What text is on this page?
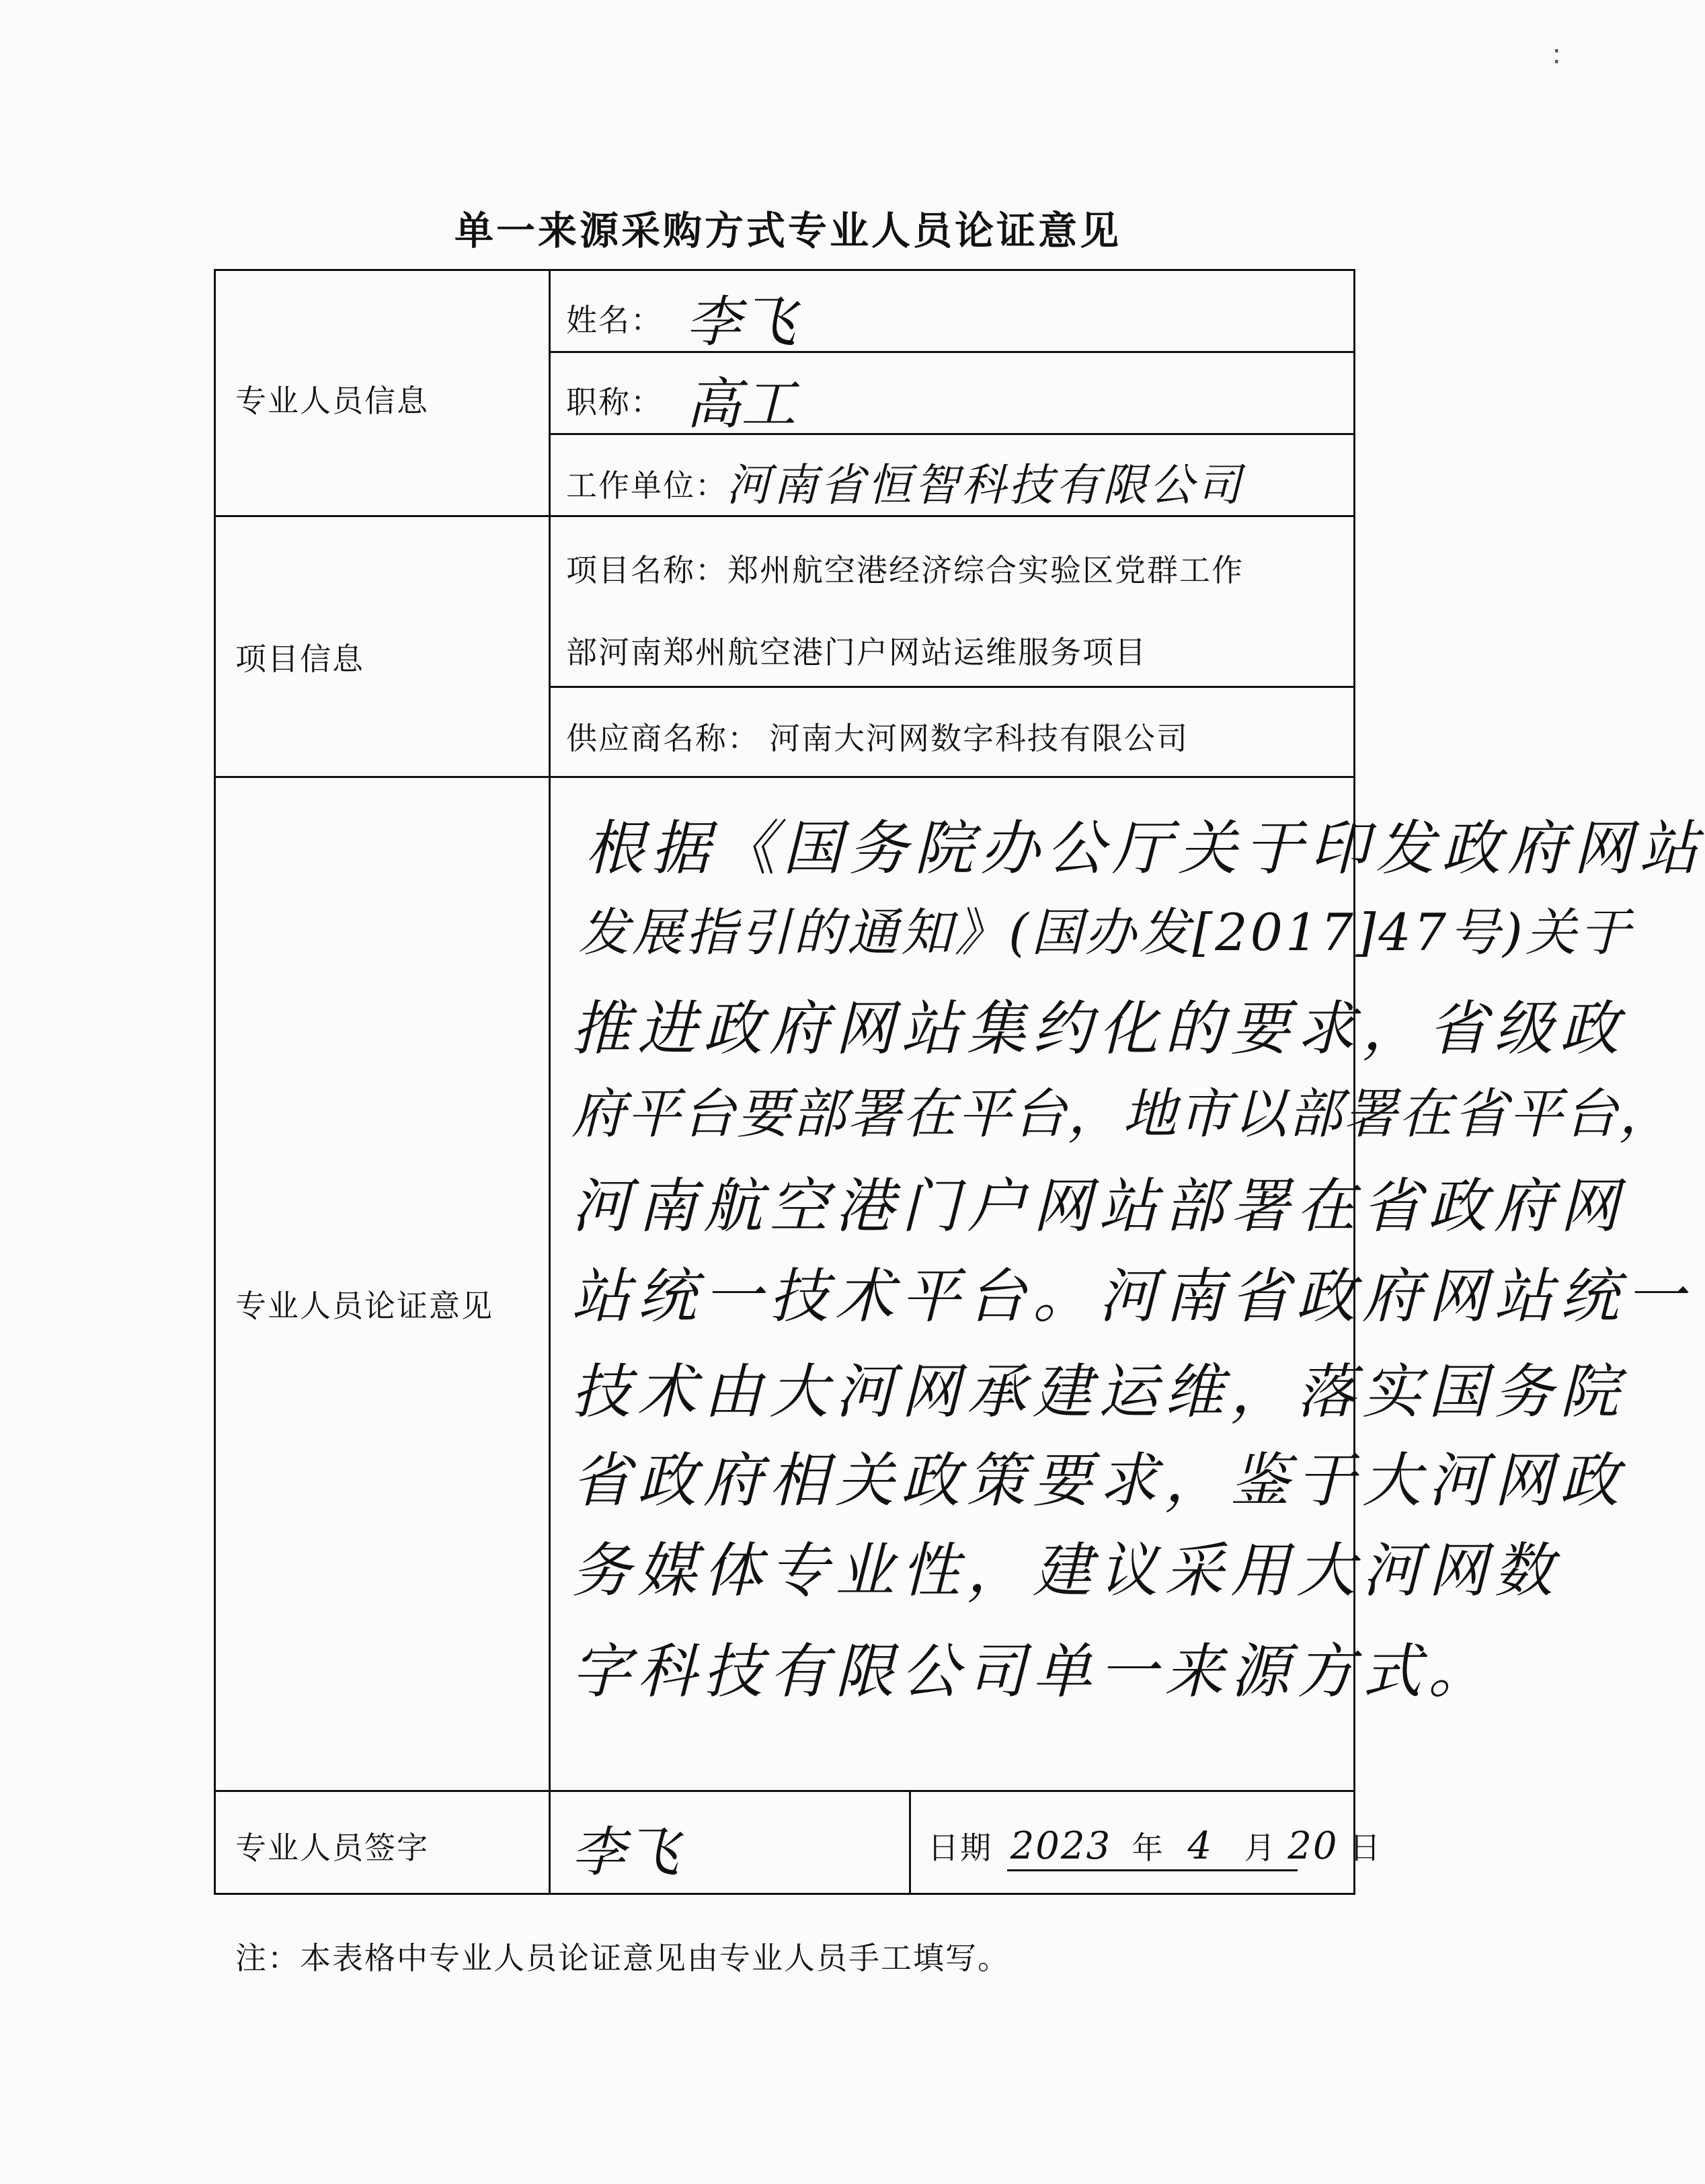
:
单一来源采购方式专业人员论证意见
专业人员信息
项目信息
专业人员论证意见
专业人员签字
姓名： 李飞
职称： 高工
工作单位：
河南省恒智科技有限公司
项目名称：郑州航空港经济综合实验区党群工作
部河南郑州航空港门户网站运维服务项目
供应商名称： 河南大河网数字科技有限公司
根据《国务院办公厅关于印发政府网站
发展指引的通知》(国办发[2017]47号)关于
推进政府网站集约化的要求，省级政
府平台要部署在平台，地市以部署在省平台，
河南航空港门户网站部署在省政府网
站统一技术平台。河南省政府网站统一
技术由大河网承建运维，落实国务院
省政府相关政策要求，鉴于大河网政
务媒体专业性，建议采用大河网数
字科技有限公司单一来源方式。
李飞	日期 2023 年 4 月 20 日
注：本表格中专业人员论证意见由专业人员手工填写。
